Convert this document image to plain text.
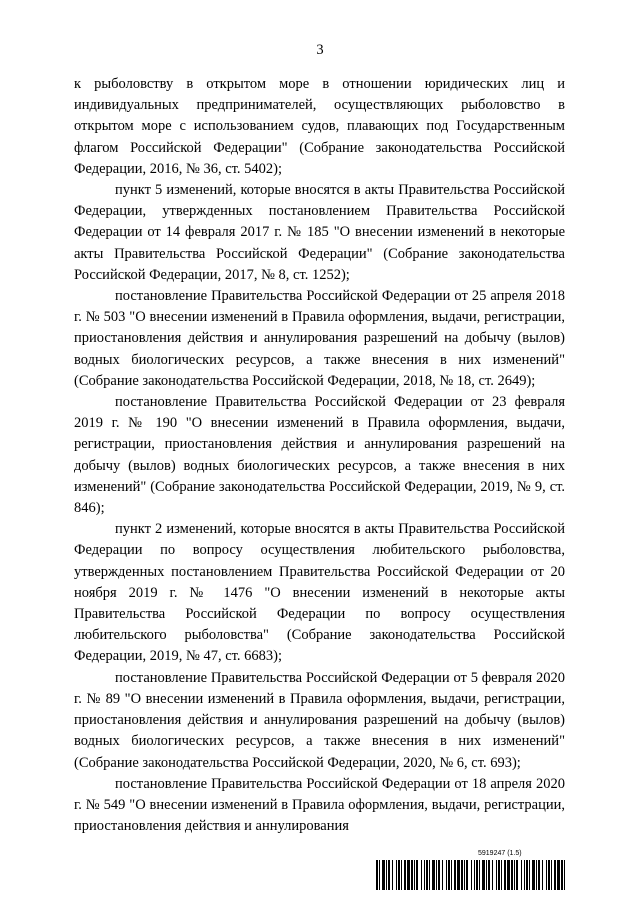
3

к рыболовству в открытом море в отношении юридических лиц и индивидуальных предпринимателей, осуществляющих рыболовство в открытом море с использованием судов, плавающих под Государственным флагом Российской Федерации" (Собрание законодательства Российской Федерации, 2016, № 36, ст. 5402);

пункт 5 изменений, которые вносятся в акты Правительства Российской Федерации, утвержденных постановлением Правительства Российской Федерации от 14 февраля 2017 г. № 185 "О внесении изменений в некоторые акты Правительства Российской Федерации" (Собрание законодательства Российской Федерации, 2017, № 8, ст. 1252);

постановление Правительства Российской Федерации от 25 апреля 2018 г. № 503 "О внесении изменений в Правила оформления, выдачи, регистрации, приостановления действия и аннулирования разрешений на добычу (вылов) водных биологических ресурсов, а также внесения в них изменений" (Собрание законодательства Российской Федерации, 2018, № 18, ст. 2649);

постановление Правительства Российской Федерации от 23 февраля 2019 г. № 190 "О внесении изменений в Правила оформления, выдачи, регистрации, приостановления действия и аннулирования разрешений на добычу (вылов) водных биологических ресурсов, а также внесения в них изменений" (Собрание законодательства Российской Федерации, 2019, № 9, ст. 846);

пункт 2 изменений, которые вносятся в акты Правительства Российской Федерации по вопросу осуществления любительского рыболовства, утвержденных постановлением Правительства Российской Федерации от 20 ноября 2019 г. № 1476 "О внесении изменений в некоторые акты Правительства Российской Федерации по вопросу осуществления любительского рыболовства" (Собрание законодательства Российской Федерации, 2019, № 47, ст. 6683);

постановление Правительства Российской Федерации от 5 февраля 2020 г. № 89 "О внесении изменений в Правила оформления, выдачи, регистрации, приостановления действия и аннулирования разрешений на добычу (вылов) водных биологических ресурсов, а также внесения в них изменений" (Собрание законодательства Российской Федерации, 2020, № 6, ст. 693);

постановление Правительства Российской Федерации от 18 апреля 2020 г. № 549 "О внесении изменений в Правила оформления, выдачи, регистрации, приостановления действия и аннулирования

5919247 (1.5)
